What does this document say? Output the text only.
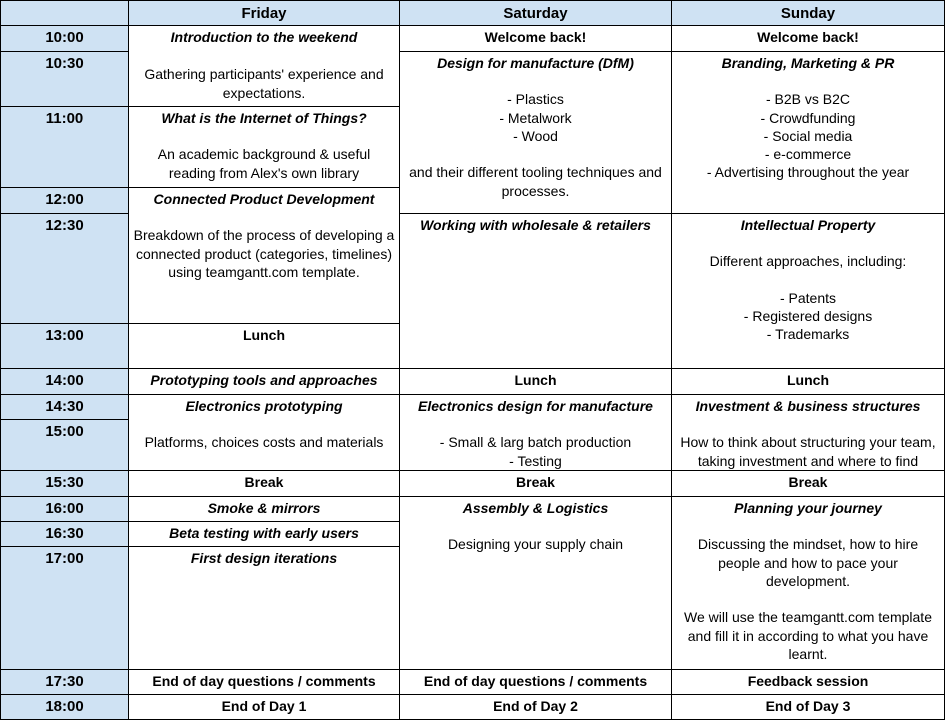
Friday	Saturday	Sunday
10:00
10:30
11:00
12:00
12:30
13:00
14:00
14:30
15:00
15:30
16:00
16:30
17:00
17:30
18:00
Introduction to the weekend
Gathering participants' experience and expectations.
What is the Internet of Things?
An academic background & useful reading from Alex's own library
Connected Product Development
Breakdown of the process of developing a connected product (categories, timelines) using teamgantt.com template.
Lunch
Prototyping tools and approaches
Electronics prototyping
Platforms, choices costs and materials
Break
Smoke & mirrors
Beta testing with early users
First design iterations
End of day questions / comments
End of Day 1
Welcome back!
Design for manufacture (DfM)
- Plastics
- Metalwork
- Wood

and their different tooling techniques and processes.
Working with wholesale & retailers
Lunch
Electronics design for manufacture
- Small & larg batch production
- Testing

Break
Assembly & Logistics
Designing your supply chain
End of day questions / comments
End of Day 2
Welcome back!
Branding, Marketing & PR
- B2B vs B2C
- Crowdfunding
- Social media
- e-commerce
- Advertising throughout the year
Intellectual Property
Different approaches, including:

- Patents
- Registered designs
- Trademarks
Lunch
Investment & business structures
How to think about structuring your team, taking investment and where to find
Break
Planning your journey
Discussing the mindset, how to hire people and how to pace your development.

We will use the teamgantt.com template and fill it in according to what you have learnt.
Feedback session
End of Day 3
